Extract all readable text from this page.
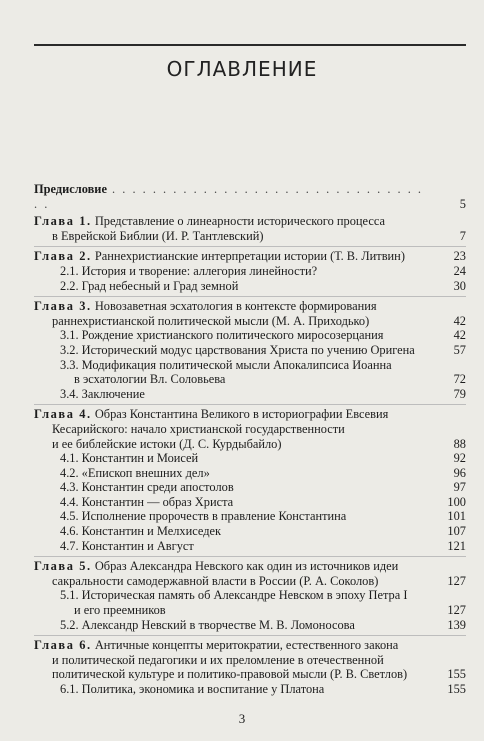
ОГЛАВЛЕНИЕ
Предисловие . . . . . . . . . . . . . . . . . . . . . . . . . . . . . . . . .	5
Глава 1. Представление о линеарности исторического процесса
в Еврейской Библии (И. Р. Тантлевский)	7
Глава 2. Раннехристианские интерпретации истории (Т. В. Литвин)	23
2.1. История и творение: аллегория линейности?	24
2.2. Град небесный и Град земной	30
Глава 3. Новозаветная эсхатология в контексте формирования
раннехристианской политической мысли (М. А. Приходько)	42
3.1. Рождение христианского политического миросозерцания	42
3.2. Исторический модус царствования Христа по учению Оригена	57
3.3. Модификация политической мысли Апокалипсиса Иоанна
в эсхатологии Вл. Соловьева	72
3.4. Заключение	79
Глава 4. Образ Константина Великого в историографии Евсевия
Кесарийского: начало христианской государственности
и ее библейские истоки (Д. С. Курдыбайло)	88
4.1. Константин и Моисей	92
4.2. «Епископ внешних дел»	96
4.3. Константин среди апостолов	97
4.4. Константин — образ Христа	100
4.5. Исполнение пророчеств в правление Константина	101
4.6. Константин и Мелхиседек	107
4.7. Константин и Август	121
Глава 5. Образ Александра Невского как один из источников идеи
сакральности самодержавной власти в России (Р. А. Соколов)	127
5.1. Историческая память об Александре Невском в эпоху Петра I
и его преемников	127
5.2. Александр Невский в творчестве М. В. Ломоносова	139
Глава 6. Античные концепты меритократии, естественного закона
и политической педагогики и их преломление в отечественной
политической культуре и политико-правовой мысли (Р. В. Светлов)	155
6.1. Политика, экономика и воспитание у Платона	155
3
